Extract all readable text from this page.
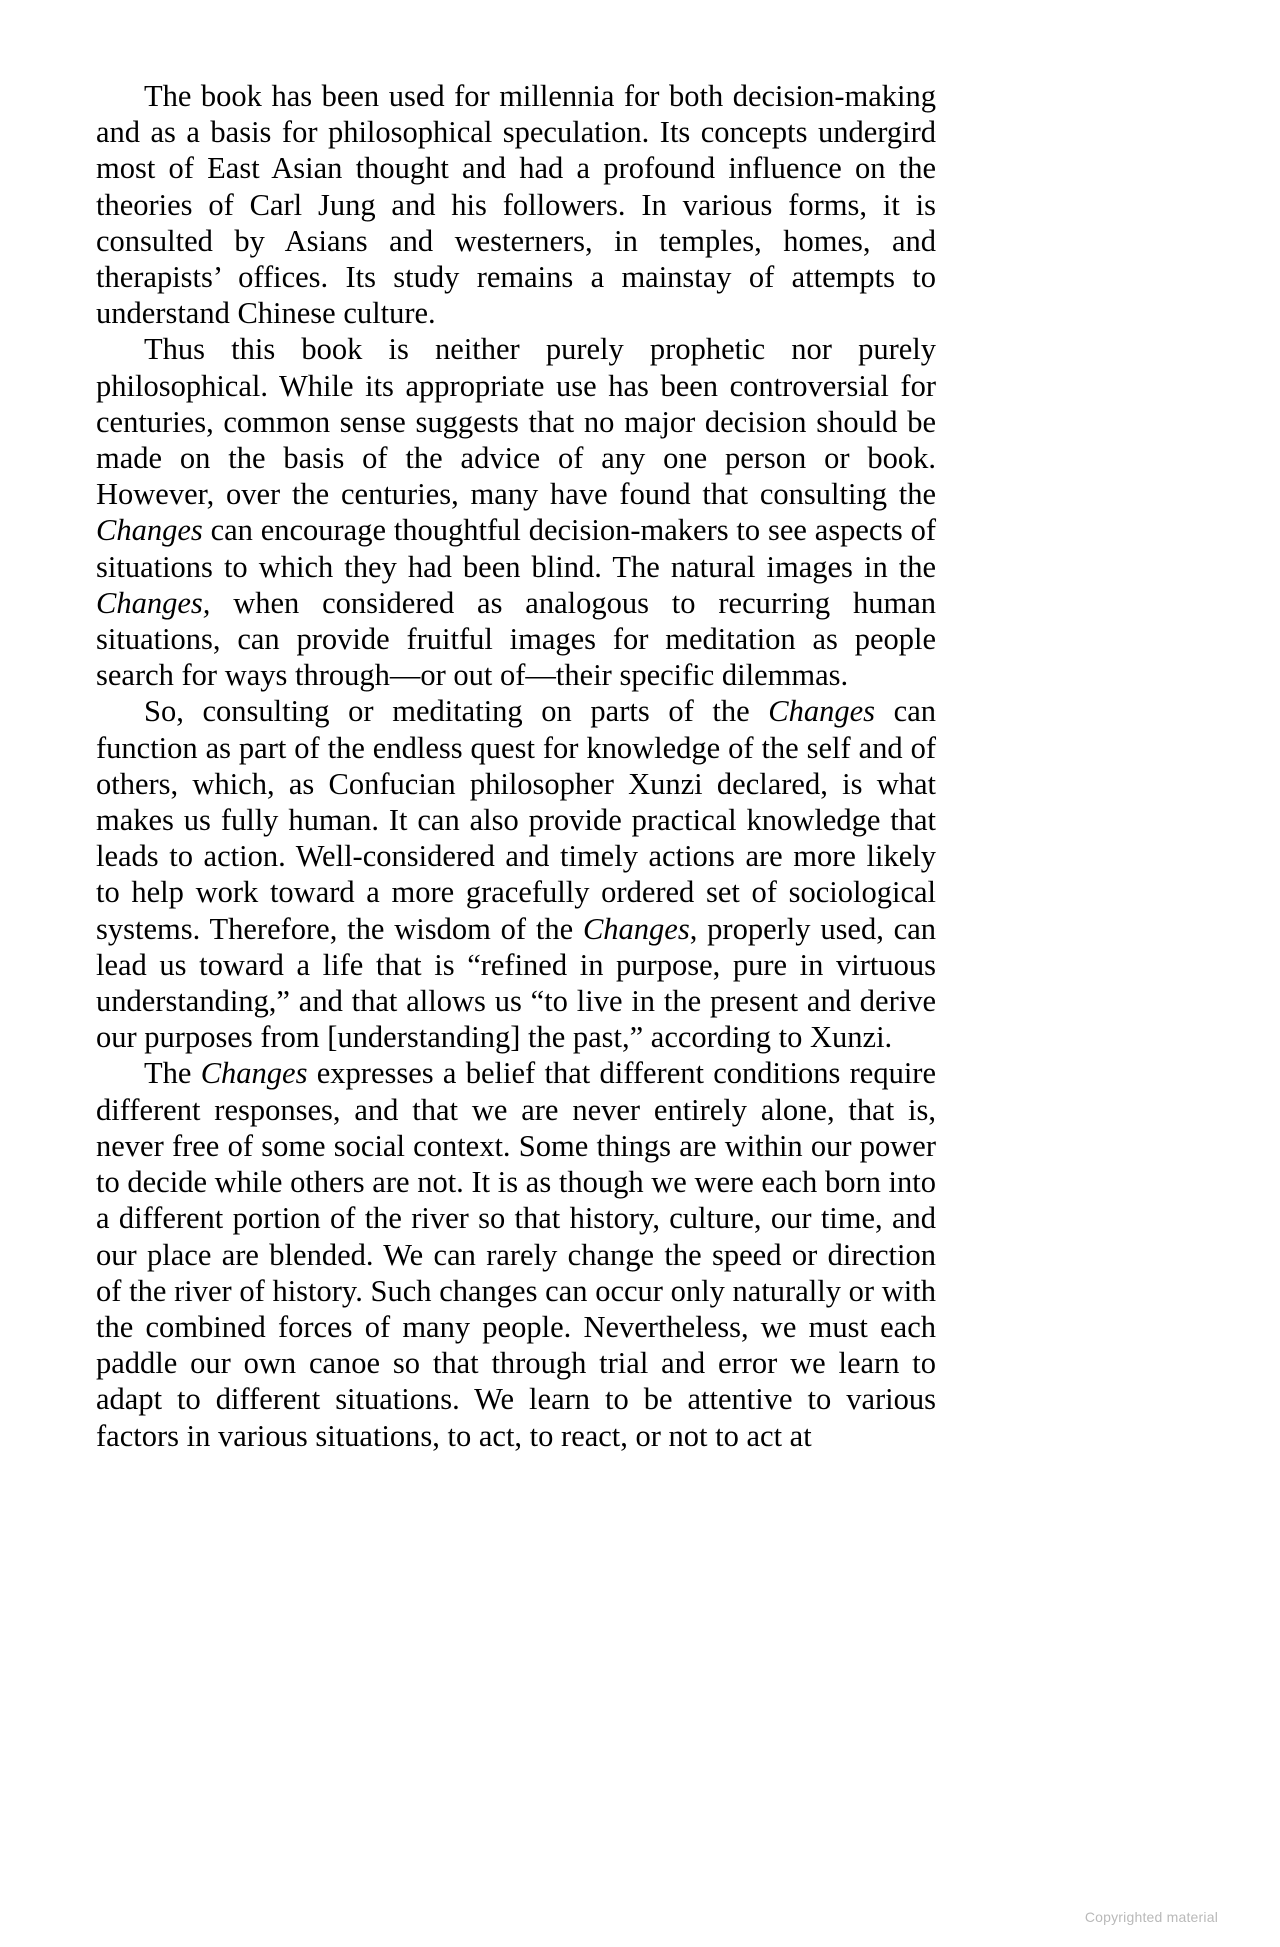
The book has been used for millennia for both decision-making and as a basis for philosophical speculation. Its concepts undergird most of East Asian thought and had a profound influence on the theories of Carl Jung and his followers. In various forms, it is consulted by Asians and westerners, in temples, homes, and therapists’ offices. Its study remains a mainstay of attempts to understand Chinese culture.

Thus this book is neither purely prophetic nor purely philosophical. While its appropriate use has been controversial for centuries, common sense suggests that no major decision should be made on the basis of the advice of any one person or book. However, over the centuries, many have found that consulting the Changes can encourage thoughtful decision-makers to see aspects of situations to which they had been blind. The natural images in the Changes, when considered as analogous to recurring human situations, can provide fruitful images for meditation as people search for ways through—or out of—their specific dilemmas.

So, consulting or meditating on parts of the Changes can function as part of the endless quest for knowledge of the self and of others, which, as Confucian philosopher Xunzi declared, is what makes us fully human. It can also provide practical knowledge that leads to action. Well-considered and timely actions are more likely to help work toward a more gracefully ordered set of sociological systems. Therefore, the wisdom of the Changes, properly used, can lead us toward a life that is “refined in purpose, pure in virtuous understanding,” and that allows us “to live in the present and derive our purposes from [understanding] the past,” according to Xunzi.

The Changes expresses a belief that different conditions require different responses, and that we are never entirely alone, that is, never free of some social context. Some things are within our power to decide while others are not. It is as though we were each born into a different portion of the river so that history, culture, our time, and our place are blended. We can rarely change the speed or direction of the river of history. Such changes can occur only naturally or with the combined forces of many people. Nevertheless, we must each paddle our own canoe so that through trial and error we learn to adapt to different situations. We learn to be attentive to various factors in various situations, to act, to react, or not to act at

Copyrighted material
